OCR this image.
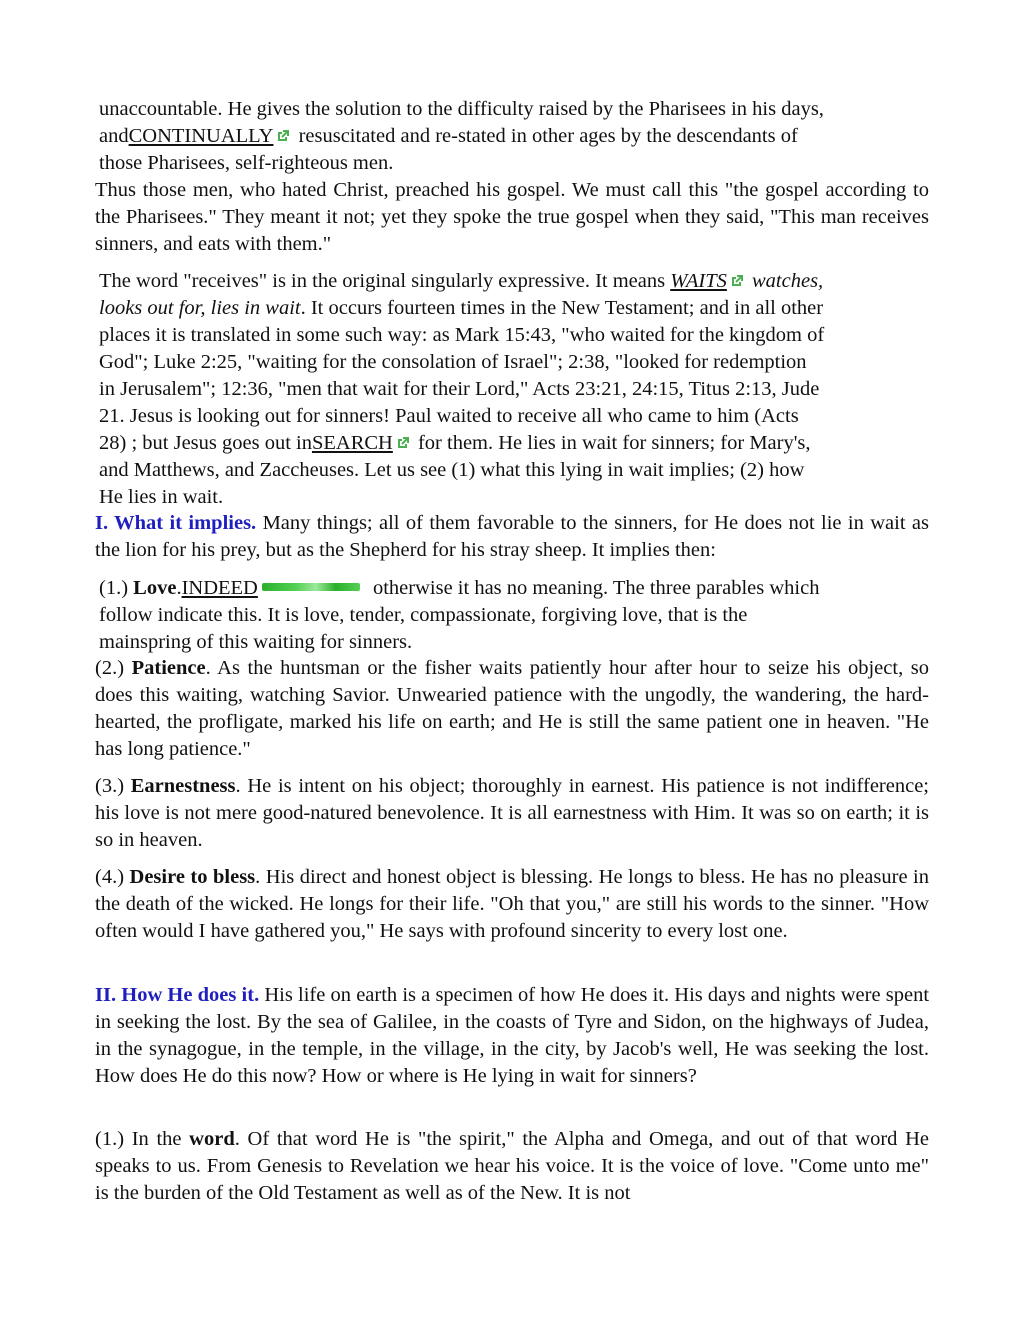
unaccountable. He gives the solution to the difficulty raised by the Pharisees in his days,
andCONTINUALLY resuscitated and re-stated in other ages by the descendants of
those Pharisees, self-righteous men.

Thus those men, who hated Christ, preached his gospel. We must call this "the gospel according to the Pharisees." They meant it not; yet they spoke the true gospel when they said, "This man receives sinners, and eats with them."

The word "receives" is in the original singularly expressive. It means WAITS watches,
looks out for, lies in wait. It occurs fourteen times in the New Testament; and in all other
places it is translated in some such way: as Mark 15:43, "who waited for the kingdom of
God"; Luke 2:25, "waiting for the consolation of Israel"; 2:38, "looked for redemption
in Jerusalem"; 12:36, "men that wait for their Lord," Acts 23:21, 24:15, Titus 2:13, Jude
21. Jesus is looking out for sinners! Paul waited to receive all who came to him (Acts
28) ; but Jesus goes out inSEARCH for them. He lies in wait for sinners; for Mary's,
and Matthews, and Zaccheuses. Let us see (1) what this lying in wait implies; (2) how
He lies in wait.

I. What it implies. Many things; all of them favorable to the sinners, for He does not lie in wait as the lion for his prey, but as the Shepherd for his stray sheep. It implies then:

(1.) Love.INDEED	otherwise it has no meaning. The three parables which
follow indicate this. It is love, tender, compassionate, forgiving love, that is the
mainspring of this waiting for sinners.

(2.) Patience. As the huntsman or the fisher waits patiently hour after hour to seize his object, so does this waiting, watching Savior. Unwearied patience with the ungodly, the wandering, the hard-hearted, the profligate, marked his life on earth; and He is still the same patient one in heaven. "He has long patience."

(3.) Earnestness. He is intent on his object; thoroughly in earnest. His patience is not indifference; his love is not mere good-natured benevolence. It is all earnestness with Him. It was so on earth; it is so in heaven.

(4.) Desire to bless. His direct and honest object is blessing. He longs to bless. He has no pleasure in the death of the wicked. He longs for their life. "Oh that you," are still his words to the sinner. "How often would I have gathered you," He says with profound sincerity to every lost one.

II. How He does it. His life on earth is a specimen of how He does it. His days and nights were spent in seeking the lost. By the sea of Galilee, in the coasts of Tyre and Sidon, on the highways of Judea, in the synagogue, in the temple, in the village, in the city, by Jacob's well, He was seeking the lost. How does He do this now? How or where is He lying in wait for sinners?

(1.) In the word. Of that word He is "the spirit," the Alpha and Omega, and out of that word He speaks to us. From Genesis to Revelation we hear his voice. It is the voice of love. "Come unto me" is the burden of the Old Testament as well as of the New. It is not
